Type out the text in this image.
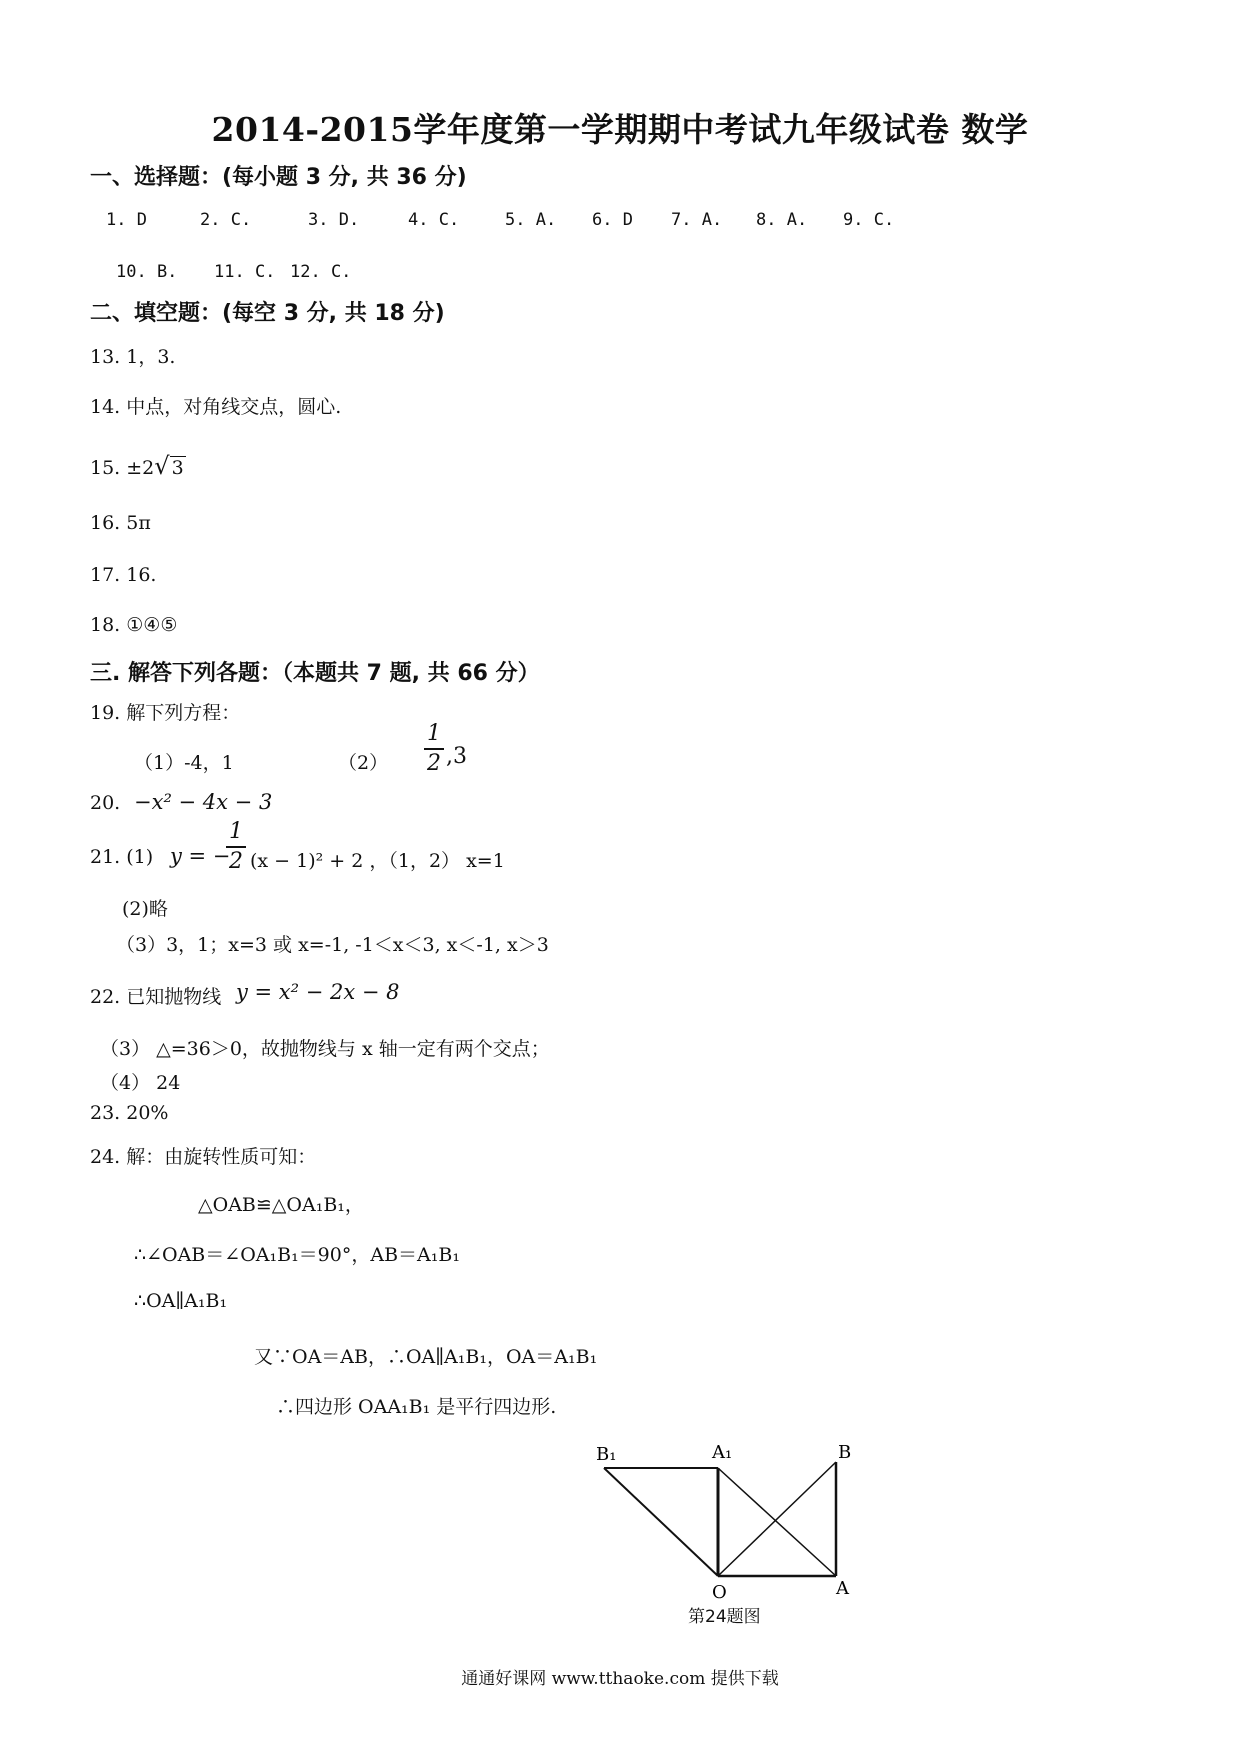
2014-2015学年度第一学期期中考试九年级试卷 数学
一、选择题：(每小题 3 分, 共 36 分)
1. D	2. C.	3. D.	4. C.	5. A. 6. D 7. A. 8. A. 9. C.
10. B. 11. C. 12. C.
二、填空题：(每空 3 分, 共 18 分)
13. 1，3.
14. 中点，对角线交点，圆心.
15. ±2√ 3
16. 5π
17. 16.
18. ①④⑤
三. 解答下列各题：（本题共 7 题, 共 66 分）
19. 解下列方程：
（1）-4，1	（2）
1
2 ,3
20. −x² − 4x − 3
21. (1) y = −
1
2 (x − 1)² + 2 ，（1，2） x=1
(2)略
（3）3，1；x=3 或 x=-1, -1＜x＜3, x＜-1, x＞3
22. 已知抛物线 y = x² − 2x − 8
（3） △=36＞0，故抛物线与 x 轴一定有两个交点；
（4） 24
23. 20%
24. 解：由旋转性质可知：
△OAB≌△OA₁B₁，
∴∠OAB＝∠OA₁B₁＝90°，AB＝A₁B₁
∴OA∥A₁B₁
又∵OA＝AB，∴OA∥A₁B₁，OA＝A₁B₁
∴四边形 OAA₁B₁ 是平行四边形.
B₁	A₁	B
O	A
第24题图
通通好课网 www.tthaoke.com 提供下载
